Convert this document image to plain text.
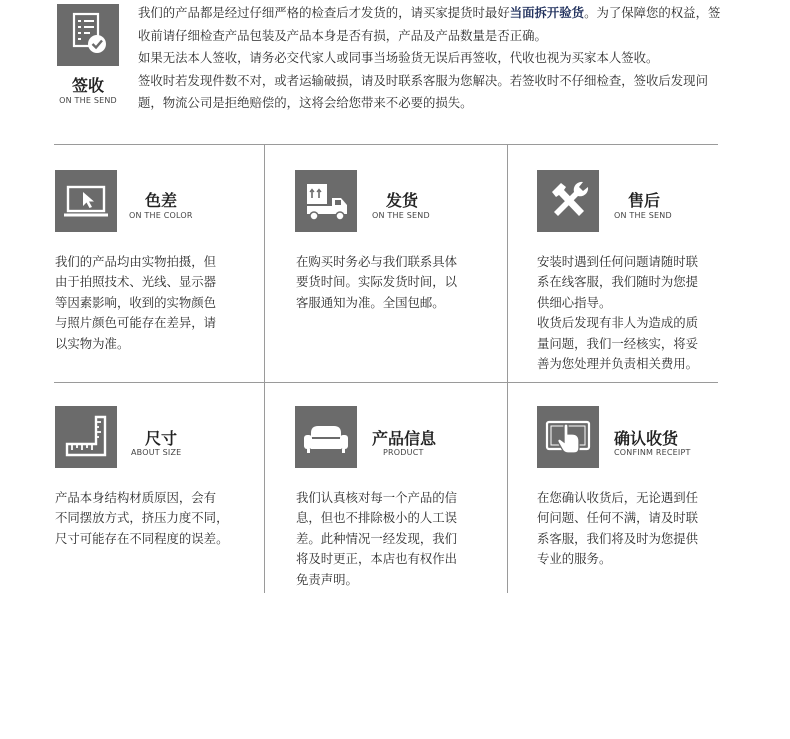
签收
ON THE SEND

我们的产品都是经过仔细严格的检查后才发货的，请买家提货时最好当面拆开验货。为了保障您的权益，签收前请仔细检查产品包装及产品本身是否有损，产品及产品数量是否正确。

如果无法本人签收，请务必交代家人或同事当场验货无误后再签收，代收也视为买家本人签收。

签收时若发现件数不对，或者运输破损，请及时联系客服为您解决。若签收时不仔细检查，签收后发现问题，物流公司是拒绝赔偿的，这将会给您带来不必要的损失。

色差
ON THE COLOR

我们的产品均由实物拍摄，但

由于拍照技术、光线、显示器

等因素影响，收到的实物颜色

与照片颜色可能存在差异，请

以实物为准。

发货
ON THE SEND

在购买时务必与我们联系具体

要货时间。实际发货时间，以

客服通知为准。全国包邮。

售后
ON THE SEND

安装时遇到任何问题请随时联

系在线客服，我们随时为您提

供细心指导。

收货后发现有非人为造成的质

量问题，我们一经核实，将妥

善为您处理并负责相关费用。

尺寸
ABOUT SIZE

产品本身结构材质原因，会有

不同摆放方式，挤压力度不同，

尺寸可能存在不同程度的误差。

产品信息
PRODUCT

我们认真核对每一个产品的信

息，但也不排除极小的人工误

差。此种情况一经发现，我们

将及时更正，本店也有权作出

免责声明。

确认收货
CONFINM RECEIPT

在您确认收货后，无论遇到任

何问题、任何不满，请及时联

系客服，我们将及时为您提供

专业的服务。
